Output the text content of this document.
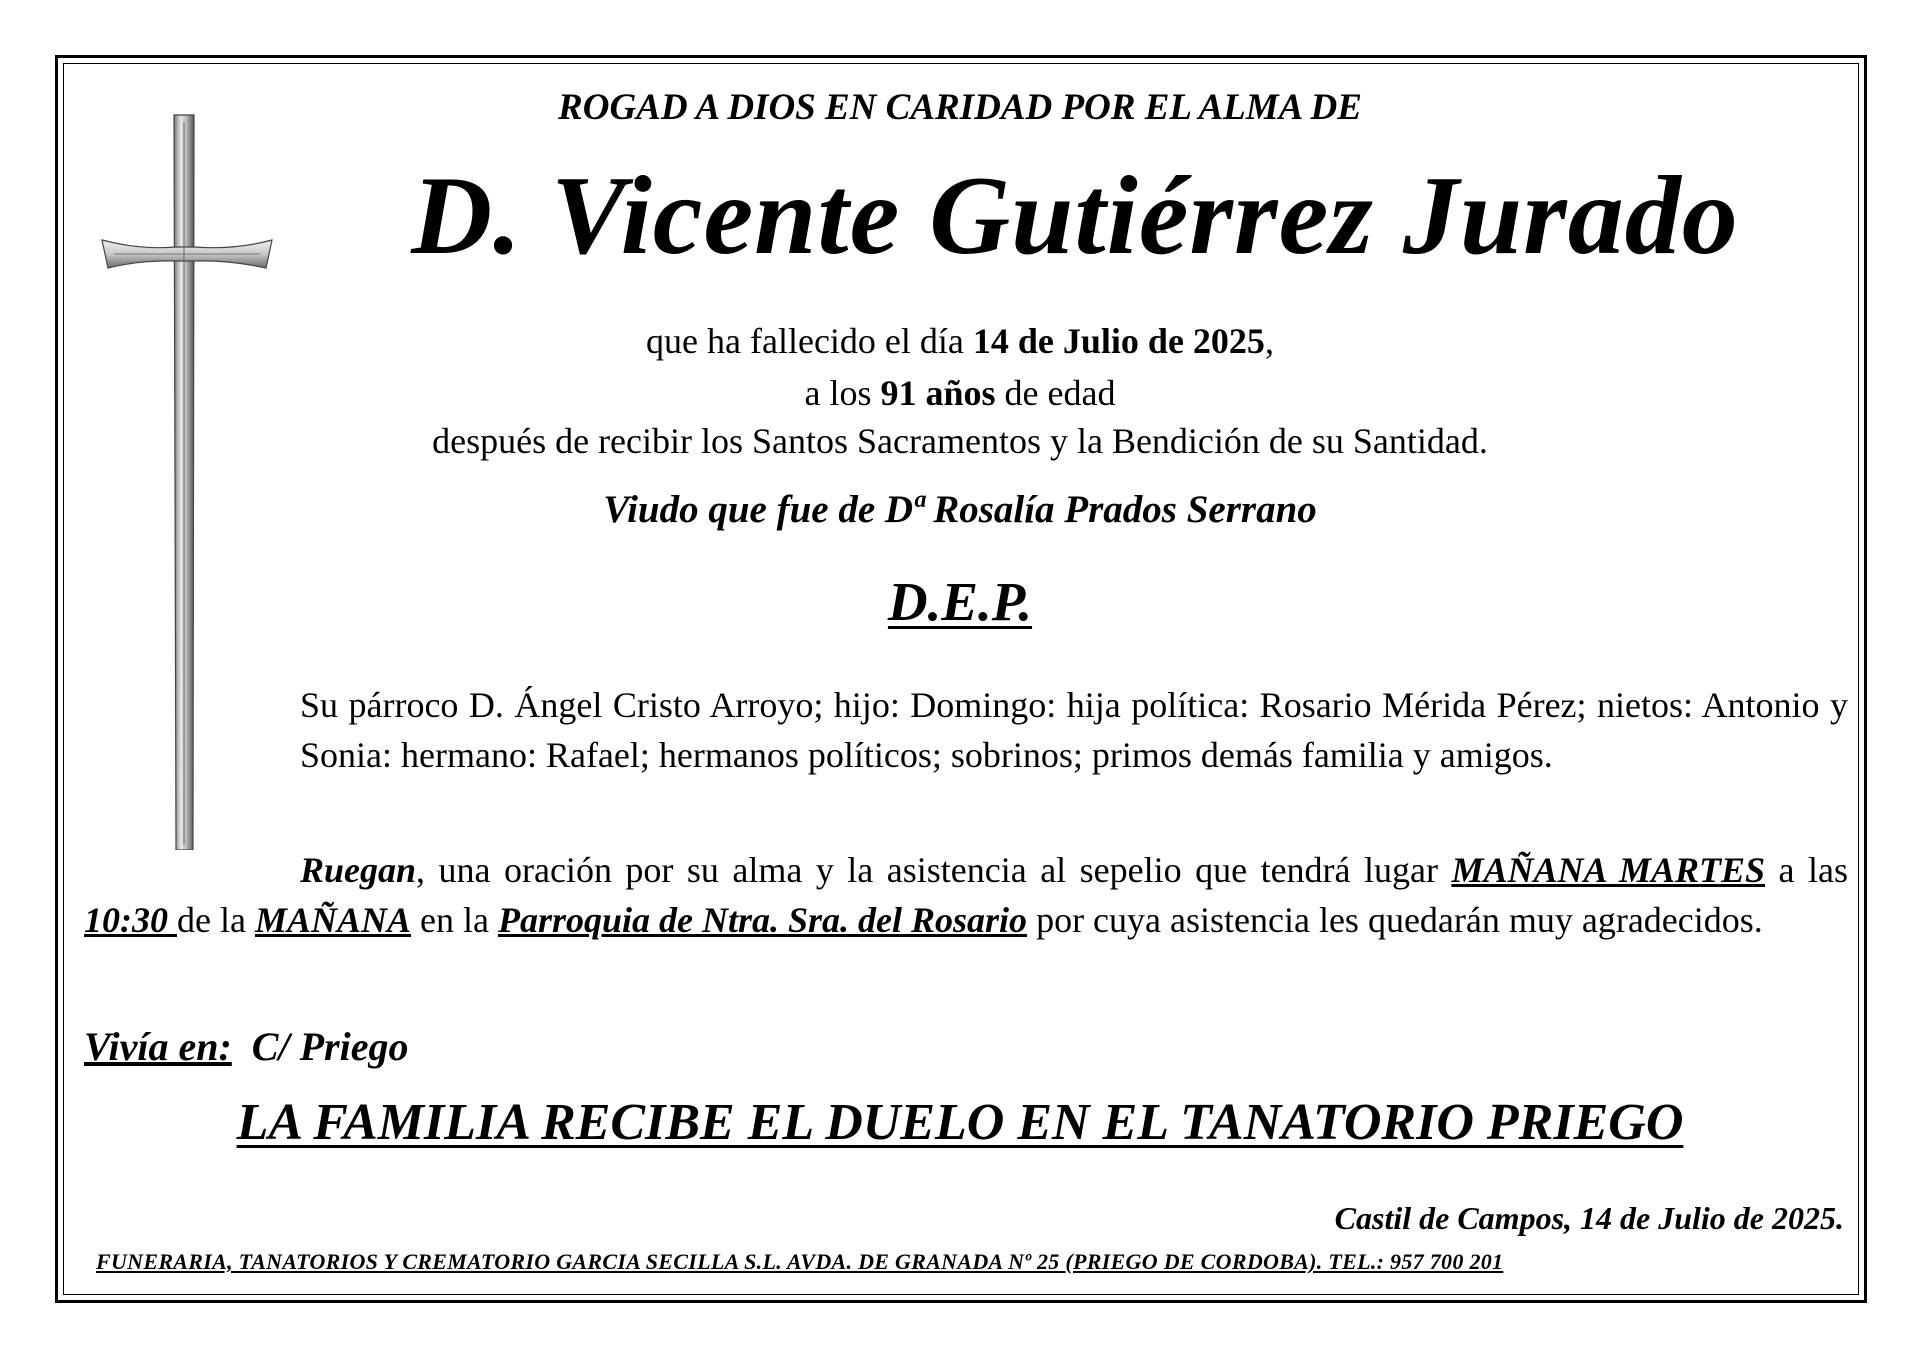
ROGAD A DIOS EN CARIDAD POR EL ALMA DE
D. Vicente Gutiérrez Jurado
que ha fallecido el día 14 de Julio de 2025,
a los 91 años de edad
después de recibir los Santos Sacramentos y la Bendición de su Santidad.
Viudo que fue de Dª Rosalía Prados Serrano
D.E.P.
Su párroco D. Ángel Cristo Arroyo; hijo: Domingo: hija política: Rosario Mérida Pérez; nietos: Antonio y Sonia: hermano: Rafael; hermanos políticos; sobrinos; primos demás familia y amigos.
Ruegan, una oración por su alma y la asistencia al sepelio que tendrá lugar MAÑANA MARTES a las 10:30 de la MAÑANA en la Parroquia de Ntra. Sra. del Rosario por cuya asistencia les quedarán muy agradecidos.
Vivía en: C/ Priego
LA FAMILIA RECIBE EL DUELO EN EL TANATORIO PRIEGO
Castil de Campos, 14 de Julio de 2025.
FUNERARIA, TANATORIOS Y CREMATORIO GARCIA SECILLA S.L. AVDA. DE GRANADA Nº 25 (PRIEGO DE CORDOBA). TEL.: 957 700 201
